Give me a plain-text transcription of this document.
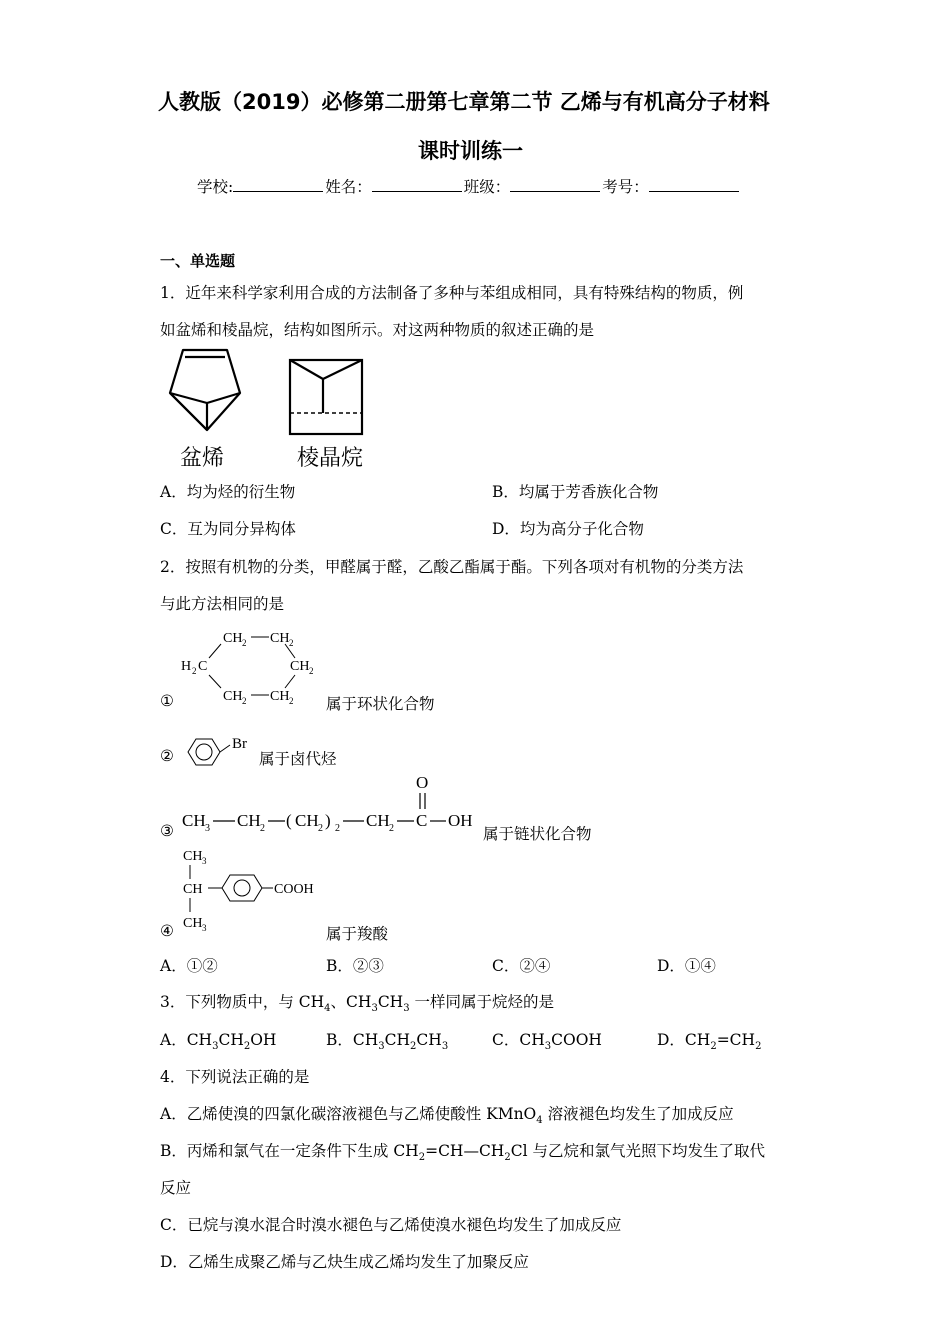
人教版（2019）必修第二册第七章第二节 乙烯与有机高分子材料
课时训练一
学校:	姓名：	班级：	考号：
一、单选题
1．近年来科学家利用合成的方法制备了多种与苯组成相同，具有特殊结构的物质，例
如盆烯和棱晶烷，结构如图所示。对这两种物质的叙述正确的是
盆烯	棱晶烷
A．均为烃的衍生物	B．均属于芳香族化合物
C．互为同分异构体	D．均为高分子化合物
2．按照有机物的分类，甲醛属于醛，乙酸乙酯属于酯。下列各项对有机物的分类方法
与此方法相同的是
CH 2 CH 2
H 2 C	CH 2
CH 2 CH 2
①	属于环状化合物
②
Br
属于卤代烃
③
CH 3 CH 2 ( CH 2 ) 2 CH 2 C
O
OH
属于链状化合物
CH 3
CH
CH 3
COOH
④	属于羧酸
A．①②	B．②③	C．②④	D．①④
3．下列物质中，与 $CH_4$、$CH_3CH_3$ 一样同属于烷烃的是
A．$CH_3CH_2OH$	B．$CH_3CH_2CH_3$	C．$CH_3COOH$	D．$CH_2=CH_2$
4．下列说法正确的是
A．乙烯使溴的四氯化碳溶液褪色与乙烯使酸性 KMnO$_4$ 溶液褪色均发生了加成反应
B．丙烯和氯气在一定条件下生成 $CH_2=CH—CH_2Cl$ 与乙烷和氯气光照下均发生了取代
反应
C．已烷与溴水混合时溴水褪色与乙烯使溴水褪色均发生了加成反应
D．乙烯生成聚乙烯与乙炔生成乙烯均发生了加聚反应
